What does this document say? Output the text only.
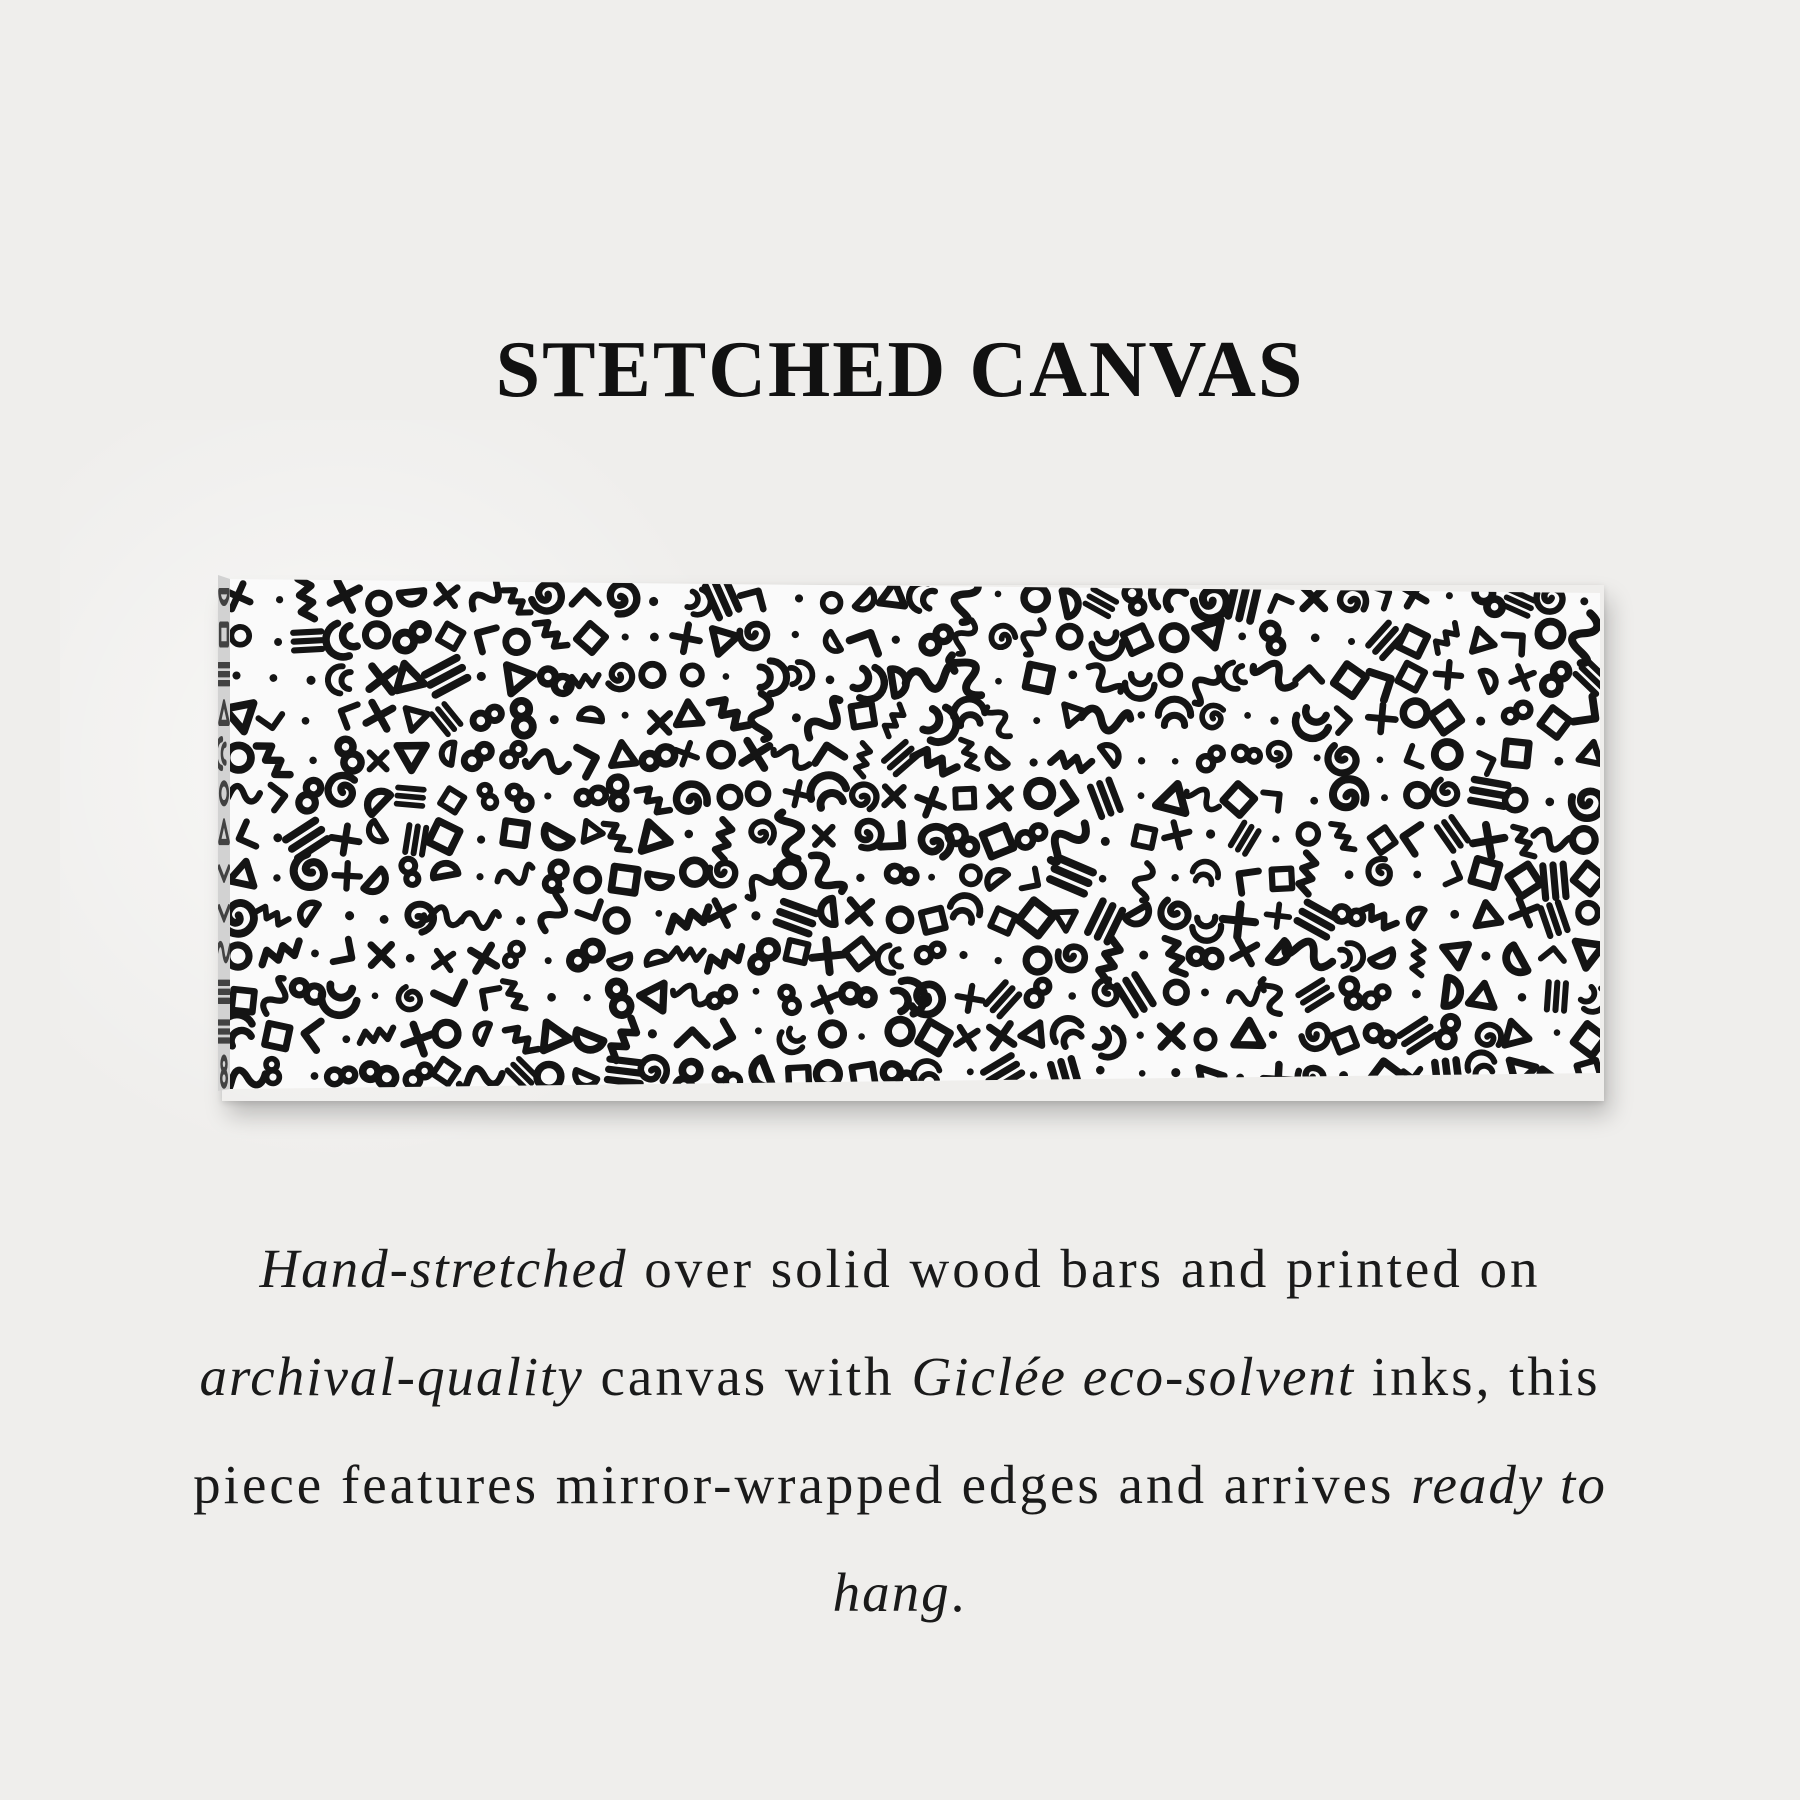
STETCHED CANVAS
Hand-stretched over solid wood bars and printed on archival-quality canvas with Giclée eco-solvent inks, this piece features mirror-wrapped edges and arrives ready to hang.
